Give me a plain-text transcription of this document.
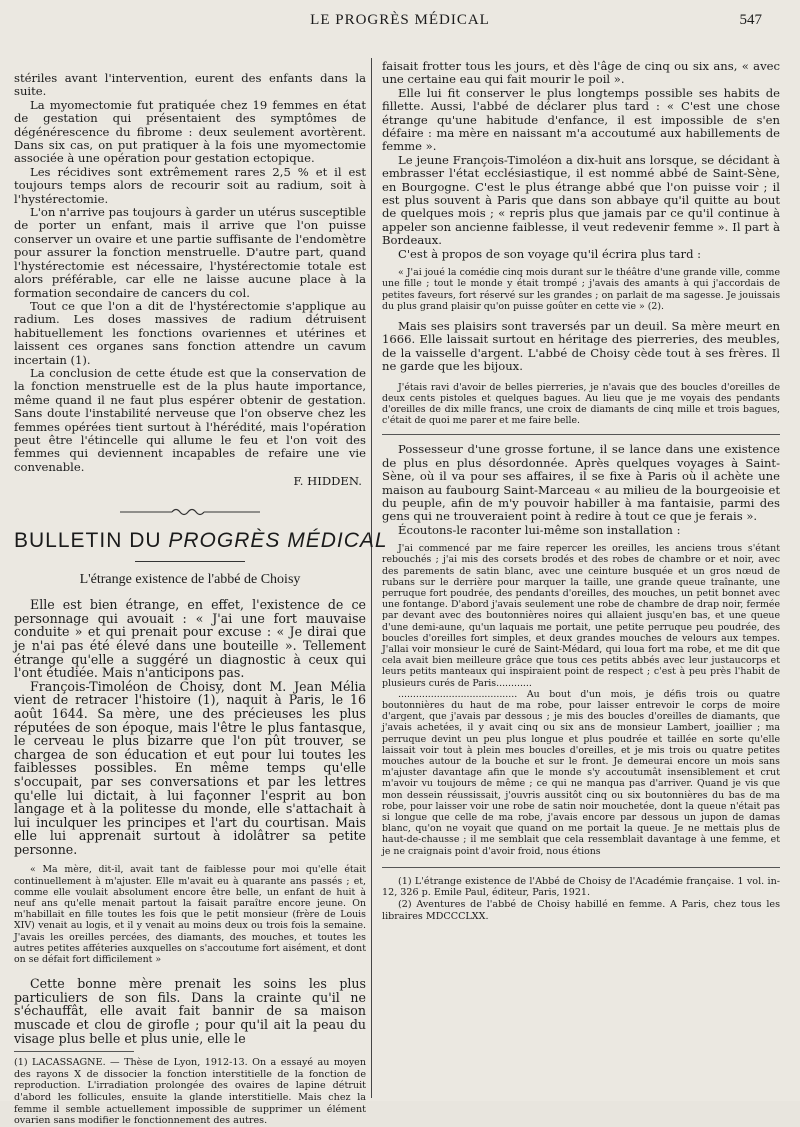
LE PROGRÈS MÉDICAL	547

stériles avant l'intervention, eurent des enfants dans la suite.

La myomectomie fut pratiquée chez 19 femmes en état de gestation qui présentaient des symptômes de dégénérescence du fibrome : deux seulement avortèrent. Dans six cas, on put pratiquer à la fois une myomectomie associée à une opération pour gestation ectopique.

Les récidives sont extrêmement rares 2,5 % et il est toujours temps alors de recourir soit au radium, soit à l'hystérectomie.

L'on n'arrive pas toujours à garder un utérus susceptible de porter un enfant, mais il arrive que l'on puisse conserver un ovaire et une partie suffisante de l'endomètre pour assurer la fonction menstruelle. D'autre part, quand l'hystérectomie est nécessaire, l'hystérectomie totale est alors préférable, car elle ne laisse aucune place à la formation secondaire de cancers du col.

Tout ce que l'on a dit de l'hystérectomie s'applique au radium. Les doses massives de radium détruisent habituellement les fonctions ovariennes et utérines et laissent ces organes sans fonction attendre un cavum incertain (1).

La conclusion de cette étude est que la conservation de la fonction menstruelle est de la plus haute importance, même quand il ne faut plus espérer obtenir de gestation. Sans doute l'instabilité nerveuse que l'on observe chez les femmes opérées tient surtout à l'hérédité, mais l'opération peut être l'étincelle qui allume le feu et l'on voit des femmes qui deviennent incapables de refaire une vie convenable.

F. HIDDEN.
BULLETIN DU PROGRÈS MÉDICAL
L'étrange existence de l'abbé de Choisy

Elle est bien étrange, en effet, l'existence de ce personnage qui avouait : « J'ai une fort mauvaise conduite » et qui prenait pour excuse : « Je dirai que je n'ai pas été élevé dans une bouteille ». Tellement étrange qu'elle a suggéré un diagnostic à ceux qui l'ont étudiée. Mais n'anticipons pas.

François-Timoléon de Choisy, dont M. Jean Mélia vient de retracer l'histoire (1), naquit à Paris, le 16 août 1644. Sa mère, une des précieuses les plus réputées de son époque, mais l'être le plus fantasque, le cerveau le plus bizarre que l'on pût trouver, se chargea de son éducation et eut pour lui toutes les faiblesses possibles. En même temps qu'elle s'occupait, par ses conversations et par les lettres qu'elle lui dictait, à lui façonner l'esprit au bon langage et à la politesse du monde, elle s'attachait à lui inculquer les principes et l'art du courtisan. Mais elle lui apprenait surtout à idolâtrer sa petite personne.

« Ma mère, dit-il, avait tant de faiblesse pour moi qu'elle était continuellement à m'ajuster. Elle m'avait eu à quarante ans passés ; et, comme elle voulait absolument encore être belle, un enfant de huit à neuf ans qu'elle menait partout la faisait paraître encore jeune. On m'habillait en fille toutes les fois que le petit monsieur (frère de Louis XIV) venait au logis, et il y venait au moins deux ou trois fois la semaine. J'avais les oreilles percées, des diamants, des mouches, et toutes les autres petites afféteries auxquelles on s'accoutume fort aisément, et dont on se défait fort difficilement »

Cette bonne mère prenait les soins les plus particuliers de son fils. Dans la crainte qu'il ne s'échauffât, elle avait fait bannir de sa maison muscade et clou de girofle ; pour qu'il ait la peau du visage plus belle et plus unie, elle le

(1) LACASSAGNE. — Thèse de Lyon, 1912-13. On a essayé au moyen des rayons X de dissocier la fonction interstitielle de la fonction de reproduction. L'irradiation prolongée des ovaires de lapine détruit d'abord les follicules, ensuite la glande interstitielle. Mais chez la femme il semble actuellement impossible de supprimer un élément ovarien sans modifier le fonctionnement des autres.

faisait frotter tous les jours, et dès l'âge de cinq ou six ans, « avec une certaine eau qui fait mourir le poil ».

Elle lui fit conserver le plus longtemps possible ses habits de fillette. Aussi, l'abbé de déclarer plus tard : « C'est une chose étrange qu'une habitude d'enfance, il est impossible de s'en défaire : ma mère en naissant m'a accoutumé aux habillements de femme ».

Le jeune François-Timoléon a dix-huit ans lorsque, se décidant à embrasser l'état ecclésiastique, il est nommé abbé de Saint-Sène, en Bourgogne. C'est le plus étrange abbé que l'on puisse voir ; il est plus souvent à Paris que dans son abbaye qu'il quitte au bout de quelques mois ; « repris plus que jamais par ce qu'il continue à appeler son ancienne faiblesse, il veut redevenir femme ». Il part à Bordeaux.

C'est à propos de son voyage qu'il écrira plus tard :

« J'ai joué la comédie cinq mois durant sur le théâtre d'une grande ville, comme une fille ; tout le monde y était trompé ; j'avais des amants à qui j'accordais de petites faveurs, fort réservé sur les grandes ; on parlait de ma sagesse. Je jouissais du plus grand plaisir qu'on puisse goûter en cette vie » (2).

Mais ses plaisirs sont traversés par un deuil. Sa mère meurt en 1666. Elle laissait surtout en héritage des pierreries, des meubles, de la vaisselle d'argent. L'abbé de Choisy cède tout à ses frères. Il ne garde que les bijoux.

J'étais ravi d'avoir de belles pierreries, je n'avais que des boucles d'oreilles de deux cents pistoles et quelques bagues. Au lieu que je me voyais des pendants d'oreilles de dix mille francs, une croix de diamants de cinq mille et trois bagues, c'était de quoi me parer et me faire belle.

Possesseur d'une grosse fortune, il se lance dans une existence de plus en plus désordonnée. Après quelques voyages à Saint-Sène, où il va pour ses affaires, il se fixe à Paris où il achète une maison au faubourg Saint-Marceau « au milieu de la bourgeoisie et du peuple, afin de m'y pouvoir habiller à ma fantaisie, parmi des gens qui ne trouveraient point à redire à tout ce que je ferais ».

Écoutons-le raconter lui-même son installation :

J'ai commencé par me faire repercer les oreilles, les anciens trous s'étant rebouchés ; j'ai mis des corsets brodés et des robes de chambre or et noir, avec des parements de satin blanc, avec une ceinture busquée et un gros nœud de rubans sur le derrière pour marquer la taille, une grande queue traînante, une perruque fort poudrée, des pendants d'oreilles, des mouches, un petit bonnet avec une fontange. D'abord j'avais seulement une robe de chambre de drap noir, fermée par devant avec des boutonnières noires qui allaient jusqu'en bas, et une queue d'une demi-aune, qu'un laquais me portait, une petite perruque peu poudrée, des boucles d'oreilles fort simples, et deux grandes mouches de velours aux tempes. J'allai voir monsieur le curé de Saint-Médard, qui loua fort ma robe, et me dit que cela avait bien meilleure grâce que tous ces petits abbés avec leur justaucorps et leurs petits manteaux qui inspiraient point de respect ; c'est à peu près l'habit de plusieurs curés de Paris............

........................................ Au bout d'un mois, je défis trois ou quatre boutonnières du haut de ma robe, pour laisser entrevoir le corps de moire d'argent, que j'avais par dessous ; je mis des boucles d'oreilles de diamants, que j'avais achetées, il y avait cinq ou six ans de monsieur Lambert, joaillier ; ma perruque devint un peu plus longue et plus poudrée et taillée en sorte qu'elle laissait voir tout à plein mes boucles d'oreilles, et je mis trois ou quatre petites mouches autour de la bouche et sur le front. Je demeurai encore un mois sans m'ajuster davantage afin que le monde s'y accoutumât insensiblement et crut m'avoir vu toujours de même ; ce qui ne manqua pas d'arriver. Quand je vis que mon dessein réussissait, j'ouvris aussitôt cinq ou six boutonnières du bas de ma robe, pour laisser voir une robe de satin noir mouchetée, dont la queue n'était pas si longue que celle de ma robe, j'avais encore par dessous un jupon de damas blanc, qu'on ne voyait que quand on me portait la queue. Je ne mettais plus de haut-de-chausse ; il me semblait que cela ressemblait davantage à une femme, et je ne craignais point d'avoir froid, nous étions

(1) L'étrange existence de l'Abbé de Choisy de l'Académie française. 1 vol. in-12, 326 p. Emile Paul, éditeur, Paris, 1921.

(2) Aventures de l'abbé de Choisy habillé en femme. A Paris, chez tous les libraires MDCCCLXX.
